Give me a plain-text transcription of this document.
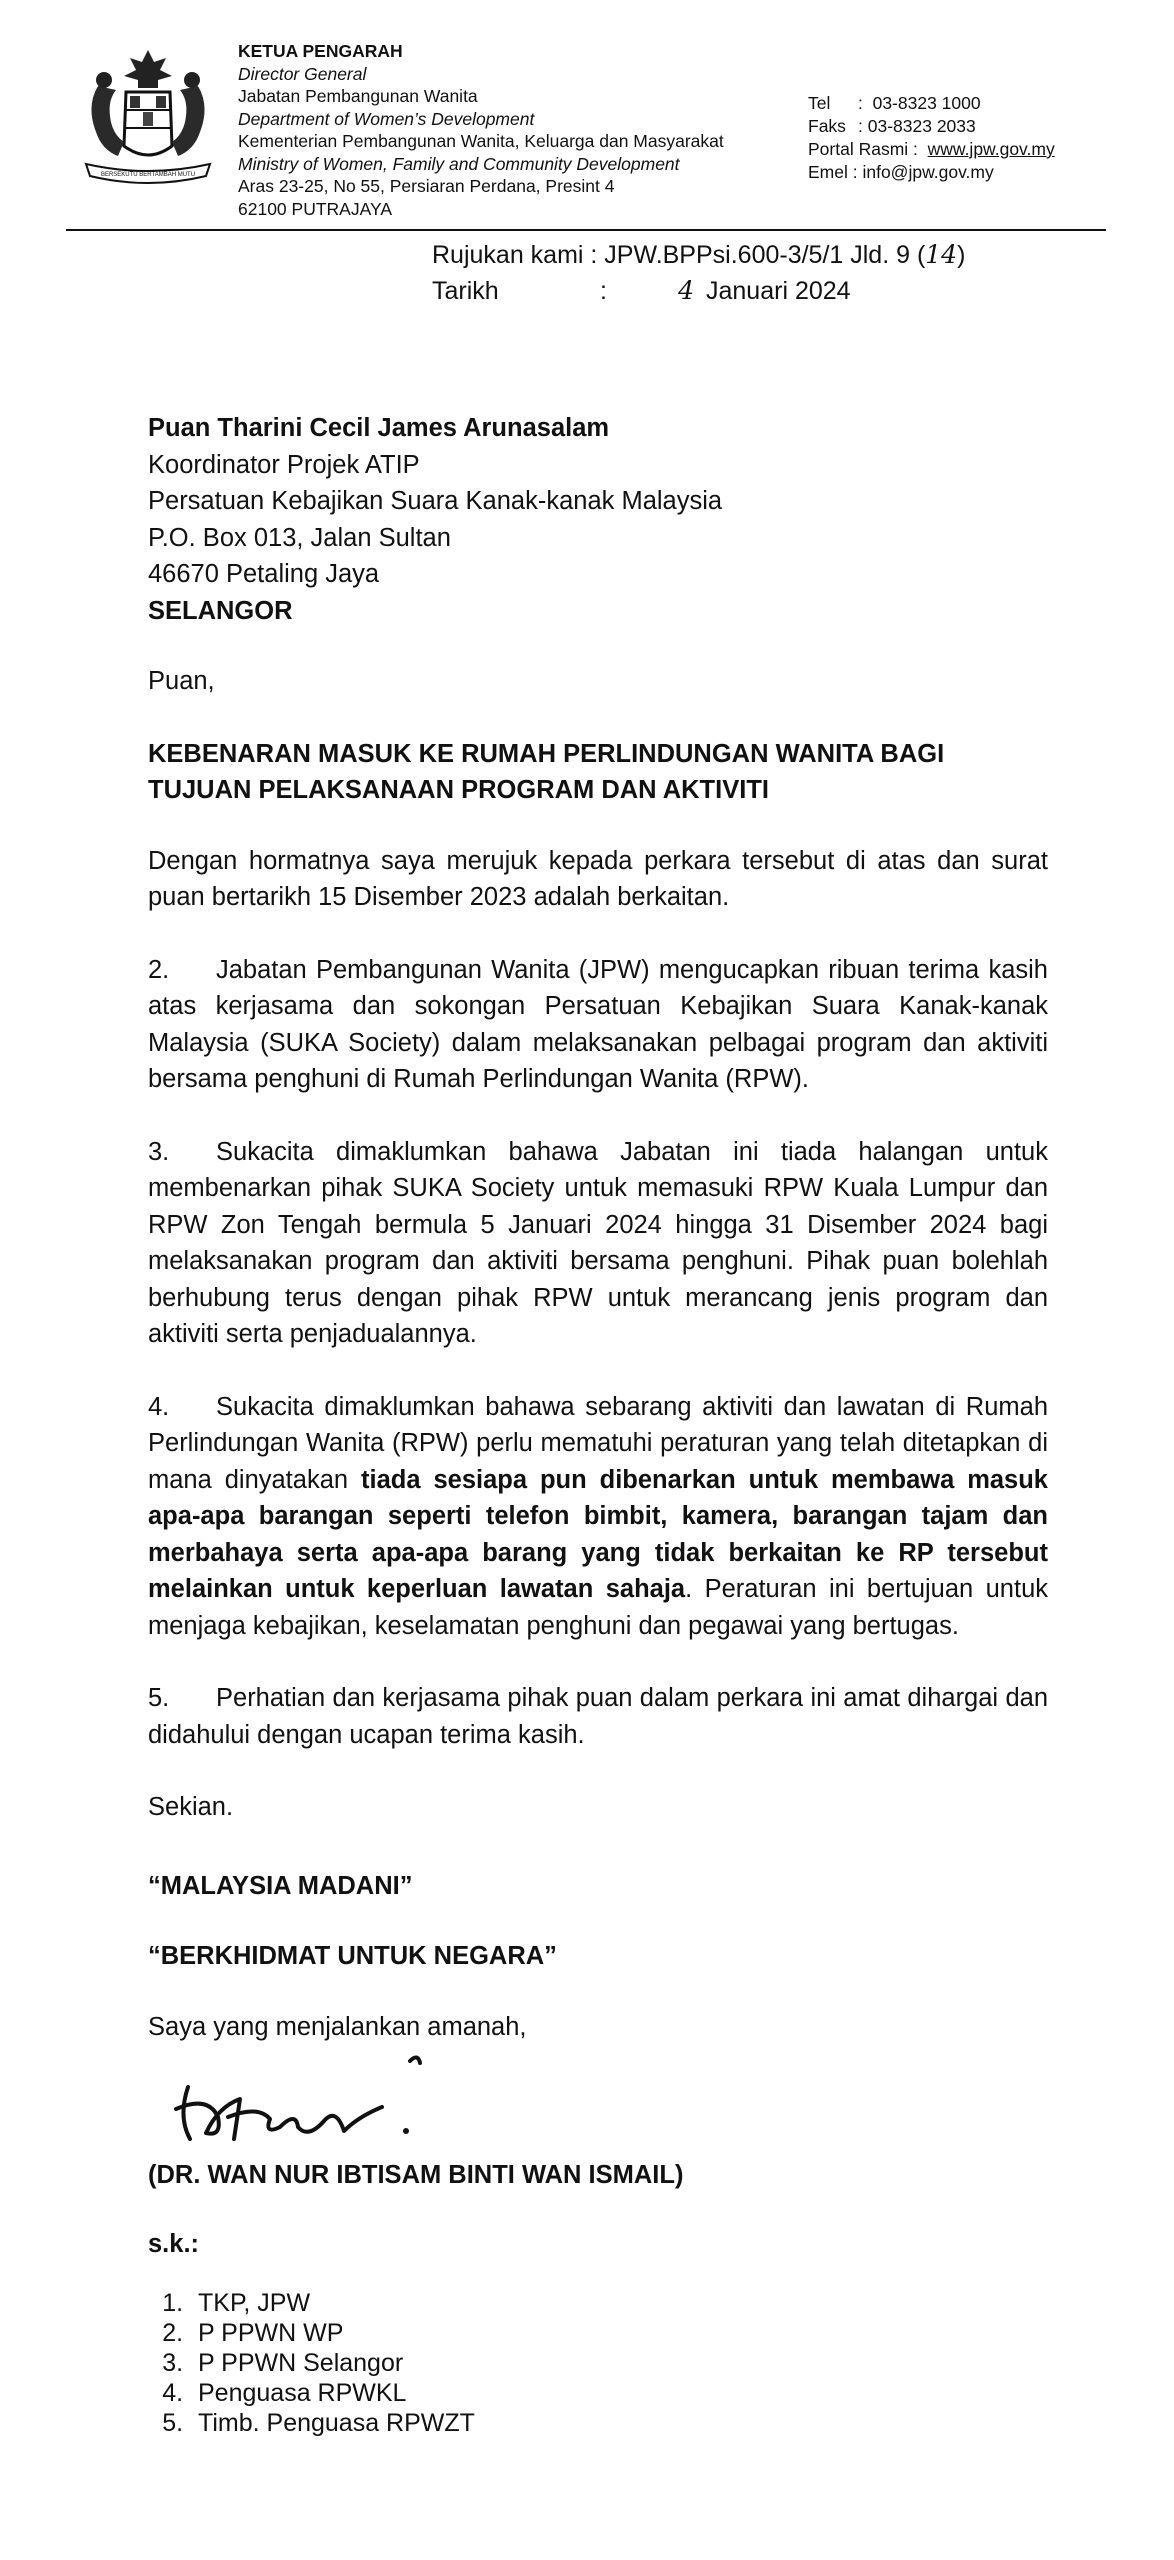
BERSEKUTU BERTAMBAH MUTU
KETUA PENGARAH
Director General
Jabatan Pembangunan Wanita
Department of Women’s Development
Kementerian Pembangunan Wanita, Keluarga dan Masyarakat
Ministry of Women, Family and Community Development
Aras 23-25, No 55, Persiaran Perdana, Presint 4
62100 PUTRAJAYA
Tel	: 03-8323 1000
Faks : 03-8323 2033
Portal Rasmi : www.jpw.gov.my
Emel : info@jpw.gov.my
Rujukan kami : JPW.BPPsi.600-3/5/1 Jld. 9 ( 14 )
Tarikh	:	4 Januari 2024

Puan Tharini Cecil James Arunasalam
Koordinator Projek ATIP
Persatuan Kebajikan Suara Kanak-kanak Malaysia
P.O. Box 013, Jalan Sultan
46670 Petaling Jaya
SELANGOR

Puan,

KEBENARAN MASUK KE RUMAH PERLINDUNGAN WANITA BAGI TUJUAN PELAKSANAAN PROGRAM DAN AKTIVITI

Dengan hormatnya saya merujuk kepada perkara tersebut di atas dan surat puan bertarikh 15 Disember 2023 adalah berkaitan.

2. Jabatan Pembangunan Wanita (JPW) mengucapkan ribuan terima kasih atas kerjasama dan sokongan Persatuan Kebajikan Suara Kanak-kanak Malaysia (SUKA Society) dalam melaksanakan pelbagai program dan aktiviti bersama penghuni di Rumah Perlindungan Wanita (RPW).

3. Sukacita dimaklumkan bahawa Jabatan ini tiada halangan untuk membenarkan pihak SUKA Society untuk memasuki RPW Kuala Lumpur dan RPW Zon Tengah bermula 5 Januari 2024 hingga 31 Disember 2024 bagi melaksanakan program dan aktiviti bersama penghuni. Pihak puan bolehlah berhubung terus dengan pihak RPW untuk merancang jenis program dan aktiviti serta penjadualannya.

4. Sukacita dimaklumkan bahawa sebarang aktiviti dan lawatan di Rumah Perlindungan Wanita (RPW) perlu mematuhi peraturan yang telah ditetapkan di mana dinyatakan tiada sesiapa pun dibenarkan untuk membawa masuk apa-apa barangan seperti telefon bimbit, kamera, barangan tajam dan merbahaya serta apa-apa barang yang tidak berkaitan ke RP tersebut melainkan untuk keperluan lawatan sahaja. Peraturan ini bertujuan untuk menjaga kebajikan, keselamatan penghuni dan pegawai yang bertugas.

5. Perhatian dan kerjasama pihak puan dalam perkara ini amat dihargai dan didahului dengan ucapan terima kasih.

Sekian.

“MALAYSIA MADANI”

“BERKHIDMAT UNTUK NEGARA”

Saya yang menjalankan amanah,

(DR. WAN NUR IBTISAM BINTI WAN ISMAIL)

s.k.:

1. TKP, JPW
2. P PPWN WP
3. P PPWN Selangor
4. Penguasa RPWKL
5. Timb. Penguasa RPWZT
